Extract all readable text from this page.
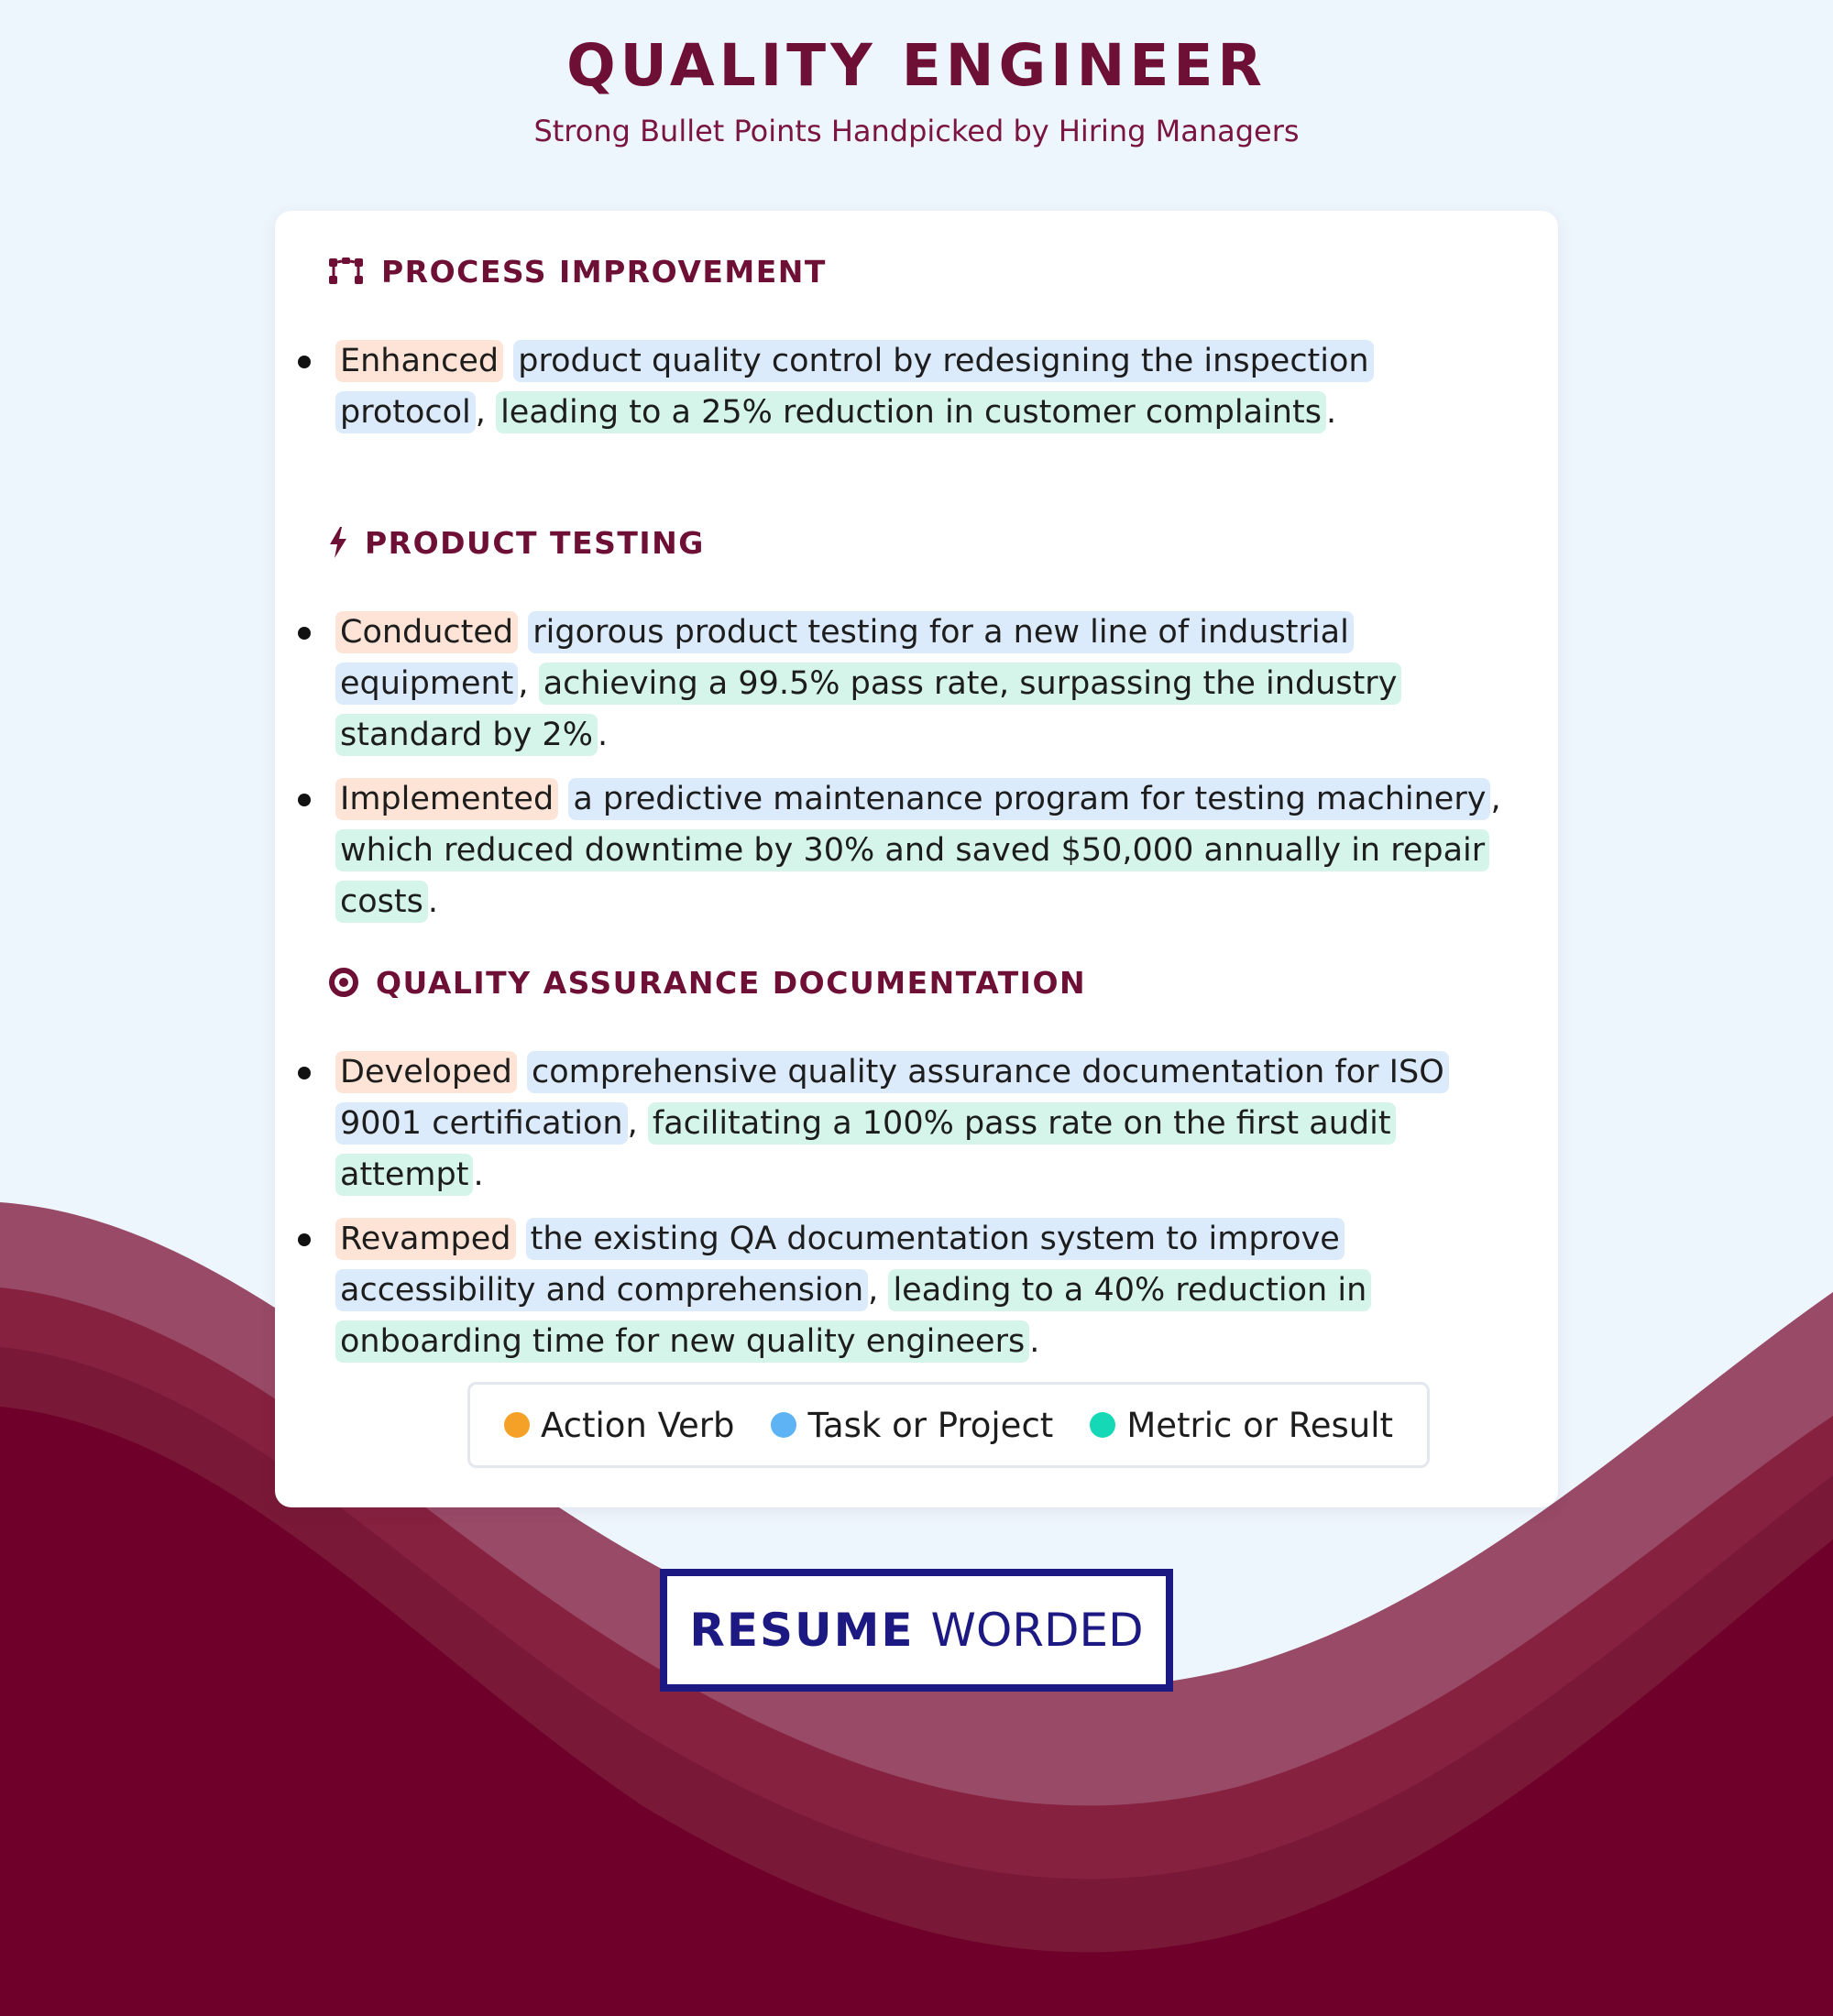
QUALITY ENGINEER
Strong Bullet Points Handpicked by Hiring Managers
PROCESS IMPROVEMENT
Enhanced product quality control by redesigning the inspection protocol , leading to a 25% reduction in customer complaints .
PRODUCT TESTING
Conducted rigorous product testing for a new line of industrial equipment , achieving a 99.5% pass rate, surpassing the industry standard by 2% .
Implemented a predictive maintenance program for testing machinery , which reduced downtime by 30% and saved $50,000 annually in repair costs .
QUALITY ASSURANCE DOCUMENTATION
Developed comprehensive quality assurance documentation for ISO 9001 certification , facilitating a 100% pass rate on the first audit attempt .
Revamped the existing QA documentation system to improve accessibility and comprehension , leading to a 40% reduction in onboarding time for new quality engineers .
Action Verb Task or Project Metric or Result
RESUME WORDED
